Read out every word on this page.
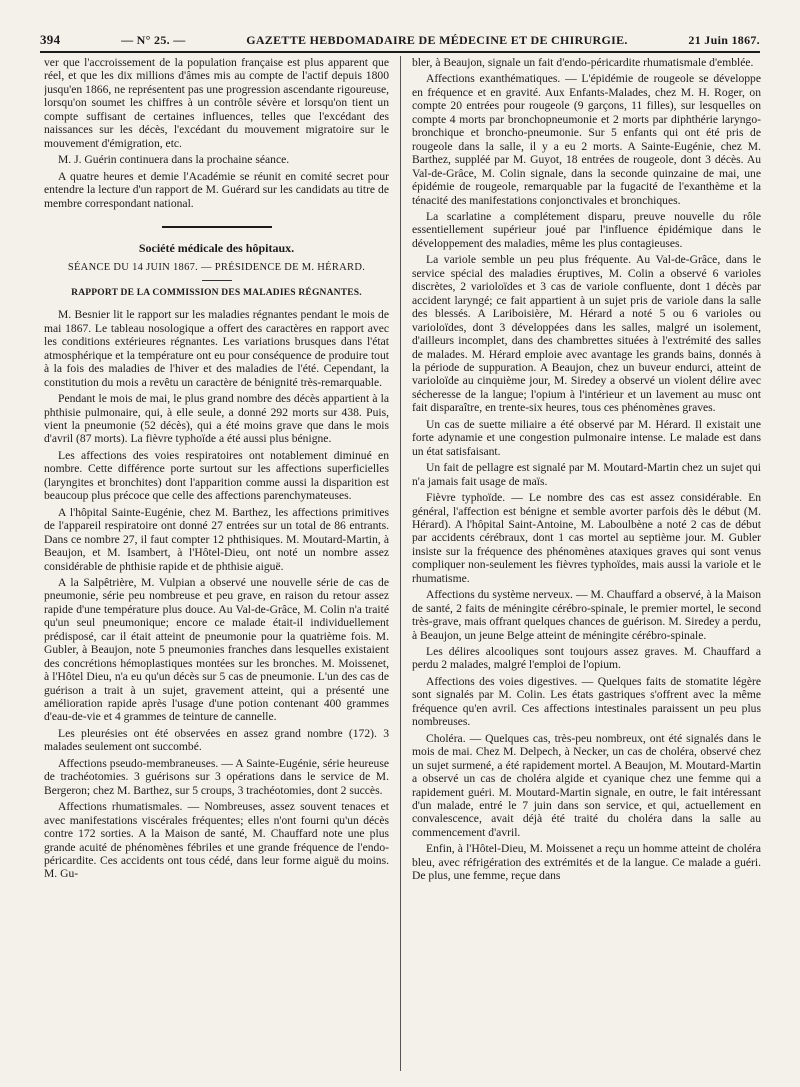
394	— N° 25. —	GAZETTE HEBDOMADAIRE DE MÉDECINE ET DE CHIRURGIE.	21 Juin 1867.

ver que l'accroissement de la population française est plus apparent que réel, et que les dix millions d'âmes mis au compte de l'actif depuis 1800 jusqu'en 1866, ne représentent pas une progression ascendante rigoureuse, lorsqu'on soumet les chiffres à un contrôle sévère et lorsqu'on tient un compte suffisant de certaines influences, telles que l'excédant des naissances sur les décès, l'excédant du mouvement migratoire sur le mouvement d'émigration, etc.

M. J. Guérin continuera dans la prochaine séance.

A quatre heures et demie l'Académie se réunit en comité secret pour entendre la lecture d'un rapport de M. Guérard sur les candidats au titre de membre correspondant national.

Société médicale des hôpitaux.
SÉANCE DU 14 JUIN 1867. — PRÉSIDENCE DE M. HÉRARD.
RAPPORT DE LA COMMISSION DES MALADIES RÉGNANTES.

M. Besnier lit le rapport sur les maladies régnantes pendant le mois de mai 1867. Le tableau nosologique a offert des caractères en rapport avec les conditions extérieures régnantes. Les variations brusques dans l'état atmosphérique et la température ont eu pour conséquence de produire tout à la fois des maladies de l'hiver et des maladies de l'été. Cependant, la constitution du mois a revêtu un caractère de bénignité très-remarquable.

Pendant le mois de mai, le plus grand nombre des décès appartient à la phthisie pulmonaire, qui, à elle seule, a donné 292 morts sur 438. Puis, vient la pneumonie (52 décès), qui a été moins grave que dans le mois d'avril (87 morts). La fièvre typhoïde a été aussi plus bénigne.

Les affections des voies respiratoires ont notablement diminué en nombre. Cette différence porte surtout sur les affections superficielles (laryngites et bronchites) dont l'apparition comme aussi la disparition est beaucoup plus précoce que celle des affections parenchymateuses.

A l'hôpital Sainte-Eugénie, chez M. Barthez, les affections primitives de l'appareil respiratoire ont donné 27 entrées sur un total de 86 entrants. Dans ce nombre 27, il faut compter 12 phthisiques. M. Moutard-Martin, à Beaujon, et M. Isambert, à l'Hôtel-Dieu, ont noté un nombre assez considérable de phthisie rapide et de phthisie aiguë.

A la Salpêtrière, M. Vulpian a observé une nouvelle série de cas de pneumonie, série peu nombreuse et peu grave, en raison du retour assez rapide d'une température plus douce. Au Val-de-Grâce, M. Colin n'a traité qu'un seul pneumonique; encore ce malade était-il individuellement prédisposé, car il était atteint de pneumonie pour la quatrième fois. M. Gubler, à Beaujon, note 5 pneumonies franches dans lesquelles existaient des concrétions hémoplastiques montées sur les bronches. M. Moissenet, à l'Hôtel Dieu, n'a eu qu'un décès sur 5 cas de pneumonie. L'un des cas de guérison a trait à un sujet, gravement atteint, qui a présenté une amélioration rapide après l'usage d'une potion contenant 400 grammes d'eau-de-vie et 4 grammes de teinture de cannelle.

Les pleurésies ont été observées en assez grand nombre (172). 3 malades seulement ont succombé.

Affections pseudo-membraneuses. — A Sainte-Eugénie, série heureuse de trachéotomies. 3 guérisons sur 3 opérations dans le service de M. Bergeron; chez M. Barthez, sur 5 croups, 3 trachéotomies, dont 2 succès.

Affections rhumatismales. — Nombreuses, assez souvent tenaces et avec manifestations viscérales fréquentes; elles n'ont fourni qu'un décès contre 172 sorties. A la Maison de santé, M. Chauffard note une plus grande acuité de phénomènes fébriles et une grande fréquence de l'endo-péricardite. Ces accidents ont tous cédé, dans leur forme aiguë du moins. M. Gu-

bler, à Beaujon, signale un fait d'endo-péricardite rhumatismale d'emblée.

Affections exanthématiques. — L'épidémie de rougeole se développe en fréquence et en gravité. Aux Enfants-Malades, chez M. H. Roger, on compte 20 entrées pour rougeole (9 garçons, 11 filles), sur lesquelles on compte 4 morts par bronchopneumonie et 2 morts par diphthérie laryngo-bronchique et broncho-pneumonie. Sur 5 enfants qui ont été pris de rougeole dans la salle, il y a eu 2 morts. A Sainte-Eugénie, chez M. Barthez, suppléé par M. Guyot, 18 entrées de rougeole, dont 3 décès. Au Val-de-Grâce, M. Colin signale, dans la seconde quinzaine de mai, une épidémie de rougeole, remarquable par la fugacité de l'exanthème et la ténacité des manifestations conjonctivales et bronchiques.

La scarlatine a complétement disparu, preuve nouvelle du rôle essentiellement supérieur joué par l'influence épidémique dans le développement des maladies, même les plus contagieuses.

La variole semble un peu plus fréquente. Au Val-de-Grâce, dans le service spécial des maladies éruptives, M. Colin a observé 6 varioles discrètes, 2 varioloïdes et 3 cas de variole confluente, dont 1 décès par accident laryngé; ce fait appartient à un sujet pris de variole dans la salle des blessés. A Lariboisière, M. Hérard a noté 5 ou 6 varioles ou varioloïdes, dont 3 développées dans les salles, malgré un isolement, d'ailleurs incomplet, dans des chambrettes situées à l'extrémité des salles de malades. M. Hérard emploie avec avantage les grands bains, donnés à la période de suppuration. A Beaujon, chez un buveur endurci, atteint de varioloïde au cinquième jour, M. Siredey a observé un violent délire avec sécheresse de la langue; l'opium à l'intérieur et un lavement au musc ont fait disparaître, en trente-six heures, tous ces phénomènes graves.

Un cas de suette miliaire a été observé par M. Hérard. Il existait une forte adynamie et une congestion pulmonaire intense. Le malade est dans un état satisfaisant.

Un fait de pellagre est signalé par M. Moutard-Martin chez un sujet qui n'a jamais fait usage de maïs.

Fièvre typhoïde. — Le nombre des cas est assez considérable. En général, l'affection est bénigne et semble avorter parfois dès le début (M. Hérard). A l'hôpital Saint-Antoine, M. Laboulbène a noté 2 cas de début par accidents cérébraux, dont 1 cas mortel au septième jour. M. Gubler insiste sur la fréquence des phénomènes ataxiques graves qui sont venus compliquer non-seulement les fièvres typhoïdes, mais aussi la variole et le rhumatisme.

Affections du système nerveux. — M. Chauffard a observé, à la Maison de santé, 2 faits de méningite cérébro-spinale, le premier mortel, le second très-grave, mais offrant quelques chances de guérison. M. Siredey a perdu, à Beaujon, un jeune Belge atteint de méningite cérébro-spinale.

Les délires alcooliques sont toujours assez graves. M. Chauffard a perdu 2 malades, malgré l'emploi de l'opium.

Affections des voies digestives. — Quelques faits de stomatite légère sont signalés par M. Colin. Les états gastriques s'offrent avec la même fréquence qu'en avril. Ces affections intestinales paraissent un peu plus nombreuses.

Choléra. — Quelques cas, très-peu nombreux, ont été signalés dans le mois de mai. Chez M. Delpech, à Necker, un cas de choléra, observé chez un sujet surmené, a été rapidement mortel. A Beaujon, M. Moutard-Martin a observé un cas de choléra algide et cyanique chez une femme qui a rapidement guéri. M. Moutard-Martin signale, en outre, le fait intéressant d'un malade, entré le 7 juin dans son service, et qui, actuellement en convalescence, avait déjà été traité du choléra dans la salle au commencement d'avril.

Enfin, à l'Hôtel-Dieu, M. Moissenet a reçu un homme atteint de choléra bleu, avec réfrigération des extrémités et de la langue. Ce malade a guéri. De plus, une femme, reçue dans
